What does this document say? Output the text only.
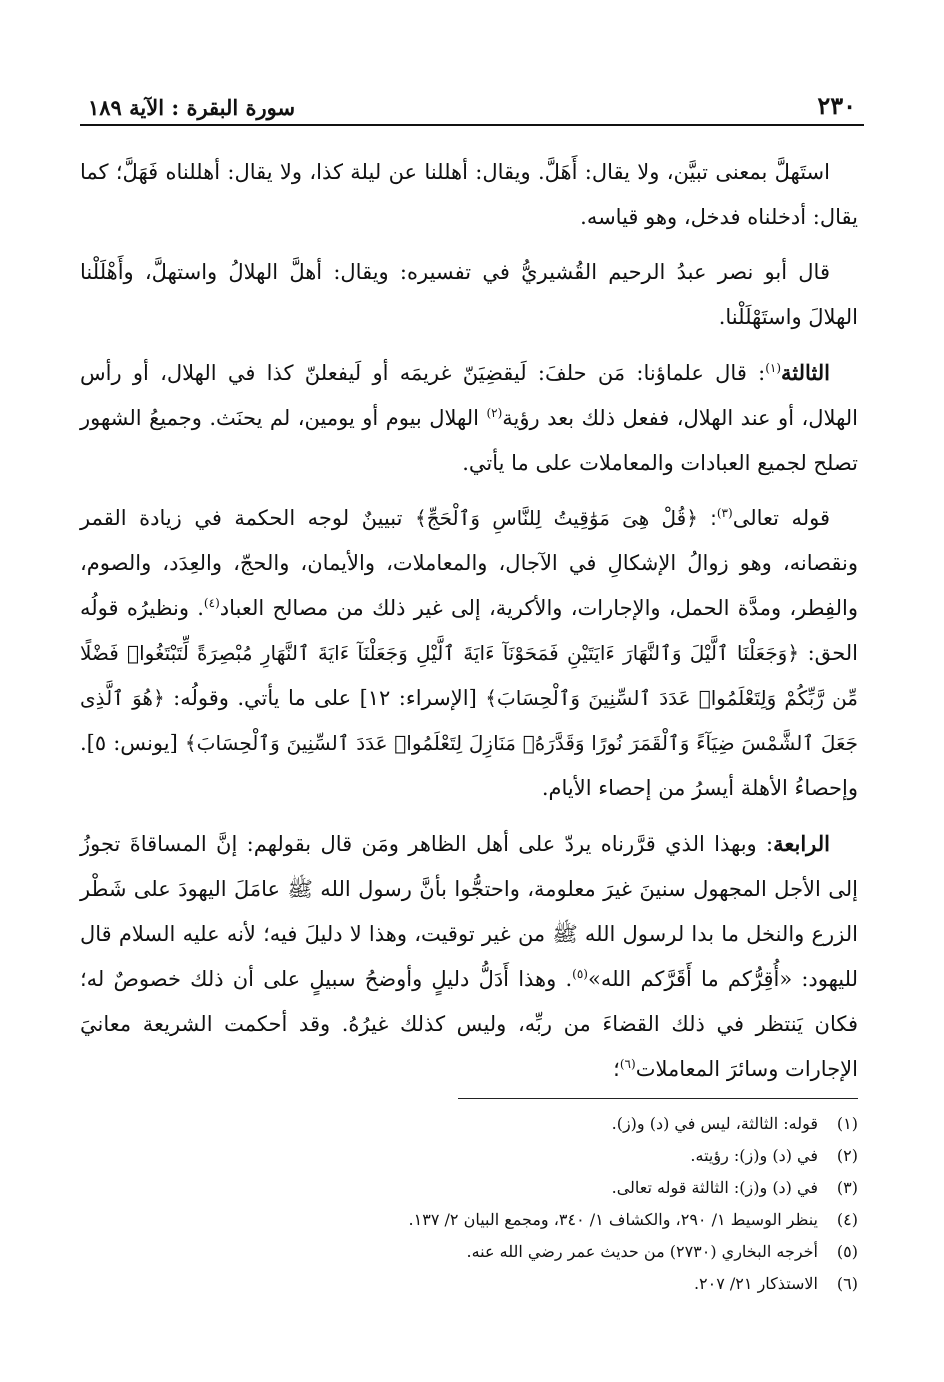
٢٣٠
سورة البقرة : الآية ١٨٩

استَهلَّ بمعنى تبيَّن، ولا يقال: أَهَلَّ. ويقال: أهللنا عن ليلة كذا، ولا يقال: أهللناه فَهَلَّ؛ كما يقال: أدخلناه فدخل، وهو قياسه.

قال أبو نصر عبدُ الرحيم القُشيريُّ في تفسيره: ويقال: أهلَّ الهلالُ واستهلَّ، وأَهْلَلْنا الهلالَ واستَهْلَلْنا.

الثالثة$^{(١)}$: قال علماؤنا: مَن حلفَ: لَيقضِيَنّ غريمَه أو لَيفعلنّ كذا في الهلال، أو رأس الهلال، أو عند الهلال، ففعل ذلك بعد رؤية$^{(٢)}$ الهلال بيوم أو يومين، لم يحنَث. وجميعُ الشهور تصلح لجميع العبادات والمعاملات على ما يأتي.

قوله تعالى$^{(٣)}$: ﴿قُلْ هِىَ مَوَٰقِيتُ لِلنَّاسِ وَٱلْحَجِّ﴾ تبيينٌ لوجه الحكمة في زيادة القمر ونقصانه، وهو زوالُ الإشكالِ في الآجال، والمعاملات، والأيمان، والحجّ، والعِدَد، والصوم، والفِطر، ومدَّة الحمل، والإجارات، والأكرية، إلى غير ذلك من مصالح العباد$^{(٤)}$. ونظيرُه قولُه الحق: ﴿وَجَعَلْنَا ٱلَّيْلَ وَٱلنَّهَارَ ءَايَتَيْنِ فَمَحَوْنَآ ءَايَةَ ٱلَّيْلِ وَجَعَلْنَآ ءَايَةَ ٱلنَّهَارِ مُبْصِرَةً لِّتَبْتَغُوا۟ فَضْلًا مِّن رَّبِّكُمْ وَلِتَعْلَمُوا۟ عَدَدَ ٱلسِّنِينَ وَٱلْحِسَابَ﴾ [الإسراء: ١٢] على ما يأتي. وقولُه: ﴿هُوَ ٱلَّذِى جَعَلَ ٱلشَّمْسَ ضِيَآءً وَٱلْقَمَرَ نُورًا وَقَدَّرَهُۥ مَنَازِلَ لِتَعْلَمُوا۟ عَدَدَ ٱلسِّنِينَ وَٱلْحِسَابَ﴾ [يونس: ٥]. وإحصاءُ الأهلة أيسرُ من إحصاء الأيام.

الرابعة: وبهذا الذي قرَّرناه يردّ على أهل الظاهر ومَن قال بقولهم: إنَّ المساقاةَ تجوزُ إلى الأجل المجهول سنينَ غيرَ معلومة، واحتجُّوا بأنَّ رسول الله ﷺ عامَلَ اليهودَ على شَطْر الزرع والنخل ما بدا لرسول الله ﷺ من غير توقيت، وهذا لا دليلَ فيه؛ لأنه عليه السلام قال لليهود: «أُقِرُّكم ما أَقَرَّكم الله»$^{(٥)}$. وهذا أَدَلُّ دليلٍ وأوضحُ سبيلٍ على أن ذلك خصوصٌ له؛ فكان يَنتظر في ذلك القضاءَ من ربِّه، وليس كذلك غيرُهُ. وقد أحكمت الشريعة معانيَ الإجارات وسائرَ المعاملات$^{(٦)}$؛

(١)
قوله: الثالثة، ليس في (د) و(ز).
(٢)
في (د) و(ز): رؤيته.
(٣)
في (د) و(ز): الثالثة قوله تعالى.
(٤)
ينظر الوسيط ١/ ٢٩٠، والكشاف ١/ ٣٤٠، ومجمع البيان ٢/ ١٣٧.
(٥)
أخرجه البخاري (٢٧٣٠) من حديث عمر رضي الله عنه.
(٦)
الاستذكار ٢١/ ٢٠٧.
